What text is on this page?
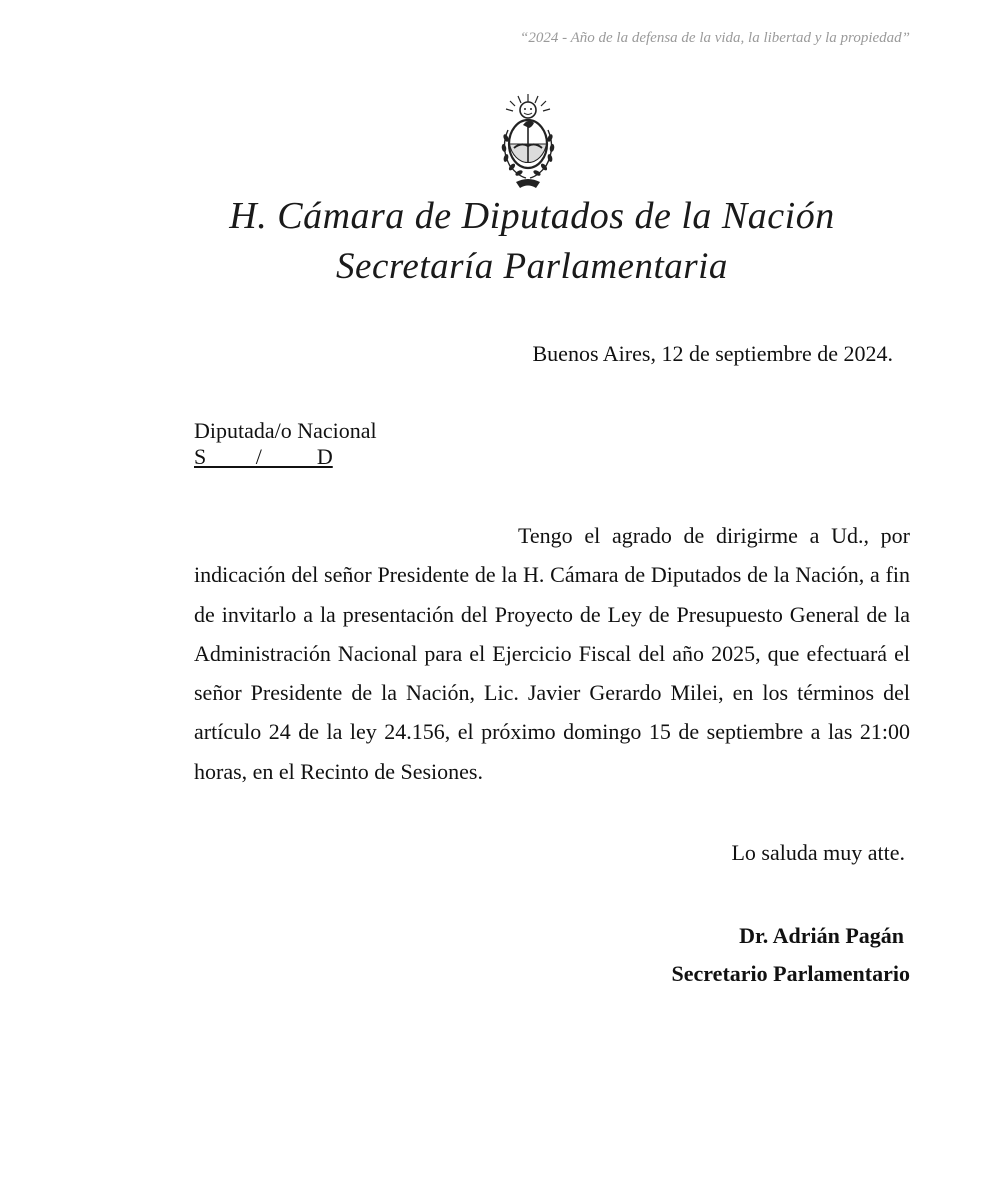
“2024 - Año de la defensa de la vida, la libertad y la propiedad”
H. Cámara de Diputados de la Nación
Secretaría Parlamentaria
Buenos Aires, 12 de septiembre de 2024.
Diputada/o Nacional
S         /          D

Tengo el agrado de dirigirme a Ud., por indicación del señor Presidente de la H. Cámara de Diputados de la Nación, a fin de invitarlo a la presentación del Proyecto de Ley de Presupuesto General de la Administración Nacional para el Ejercicio Fiscal del año 2025, que efectuará el señor Presidente de la Nación, Lic. Javier Gerardo Milei, en los términos del artículo 24 de la ley 24.156, el próximo domingo 15 de septiembre a las 21:00 horas, en el Recinto de Sesiones.

Lo saluda muy atte.
Dr. Adrián Pagán
Secretario Parlamentario
